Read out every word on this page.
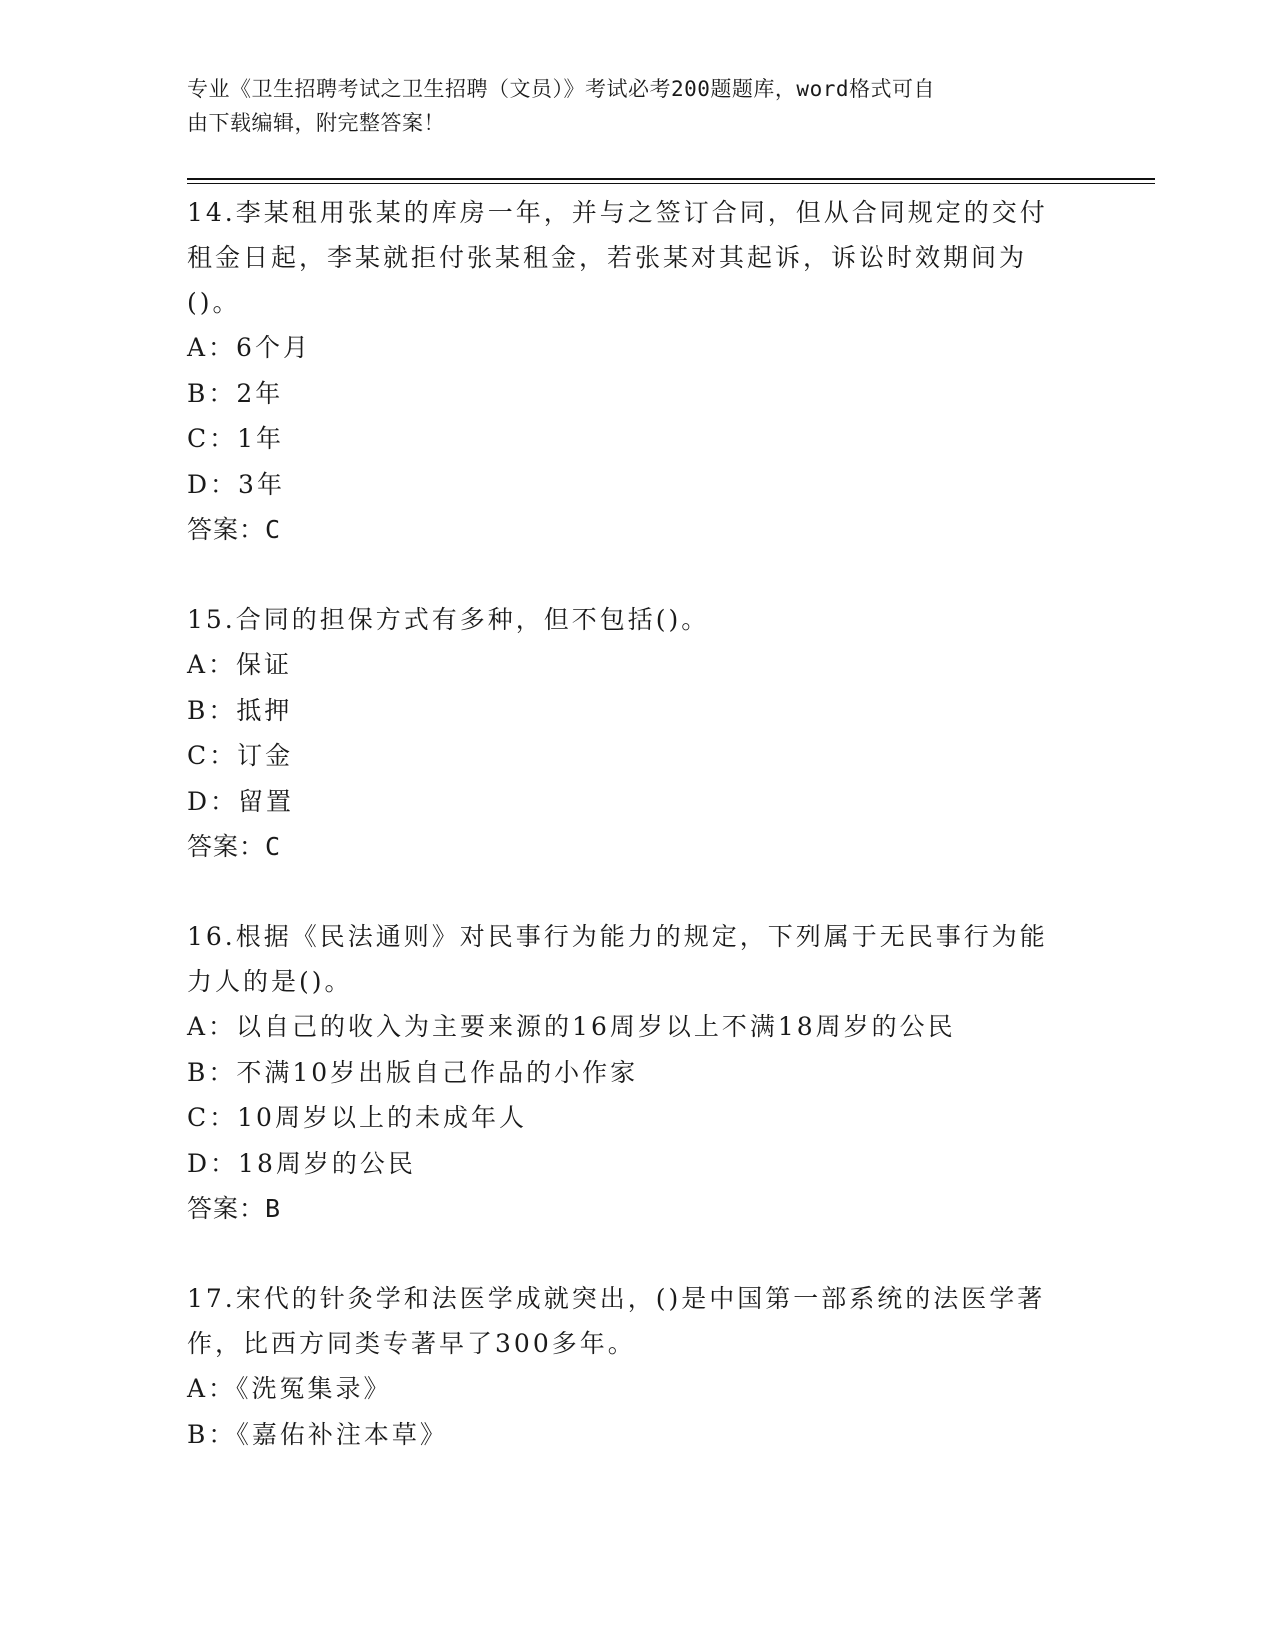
专业《卫生招聘考试之卫生招聘（文员）》考试必考200题题库，word格式可自
由下载编辑，附完整答案！
14.李某租用张某的库房一年，并与之签订合同，但从合同规定的交付
租金日起，李某就拒付张某租金，若张某对其起诉，诉讼时效期间为
()。
A：6个月
B：2年
C：1年
D：3年
答案：C
15.合同的担保方式有多种，但不包括()。
A：保证
B：抵押
C：订金
D：留置
答案：C
16.根据《民法通则》对民事行为能力的规定，下列属于无民事行为能
力人的是()。
A：以自己的收入为主要来源的16周岁以上不满18周岁的公民
B：不满10岁出版自己作品的小作家
C：10周岁以上的未成年人
D：18周岁的公民
答案：B
17.宋代的针灸学和法医学成就突出，()是中国第一部系统的法医学著
作，比西方同类专著早了300多年。
A：《洗冤集录》
B：《嘉佑补注本草》
